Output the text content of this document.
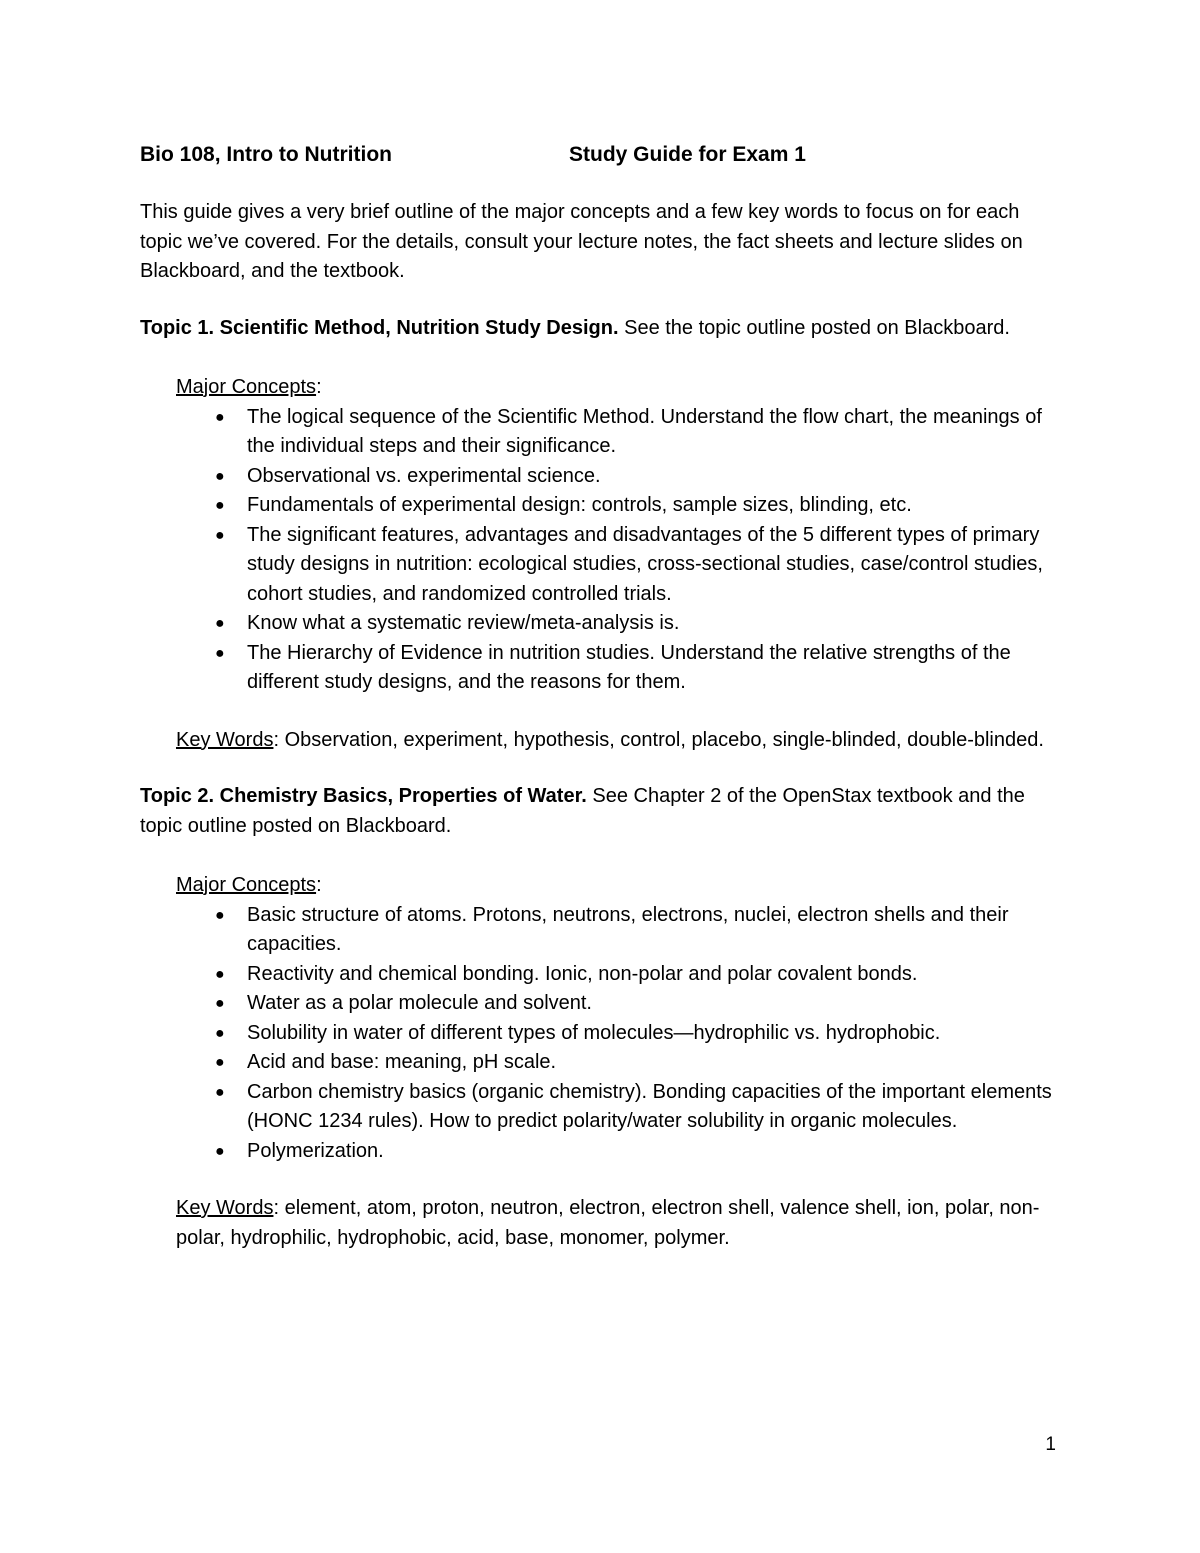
Bio 108, Intro to Nutrition	Study Guide for Exam 1

This guide gives a very brief outline of the major concepts and a few key words to focus on for each topic we’ve covered. For the details, consult your lecture notes, the fact sheets and lecture slides on Blackboard, and the textbook.

Topic 1. Scientific Method, Nutrition Study Design. See the topic outline posted on Blackboard.

Major Concepts:

● The logical sequence of the Scientific Method. Understand the flow chart, the meanings of the individual steps and their significance.
● Observational vs. experimental science.
● Fundamentals of experimental design: controls, sample sizes, blinding, etc.
● The significant features, advantages and disadvantages of the 5 different types of primary study designs in nutrition: ecological studies, cross-sectional studies, case/control studies, cohort studies, and randomized controlled trials.
● Know what a systematic review/meta-analysis is.
● The Hierarchy of Evidence in nutrition studies. Understand the relative strengths of the different study designs, and the reasons for them.

Key Words: Observation, experiment, hypothesis, control, placebo, single-blinded, double-blinded.

Topic 2. Chemistry Basics, Properties of Water. See Chapter 2 of the OpenStax textbook and the topic outline posted on Blackboard.

Major Concepts:

● Basic structure of atoms. Protons, neutrons, electrons, nuclei, electron shells and their capacities.
● Reactivity and chemical bonding. Ionic, non-polar and polar covalent bonds.
● Water as a polar molecule and solvent.
● Solubility in water of different types of molecules—hydrophilic vs. hydrophobic.
● Acid and base: meaning, pH scale.
● Carbon chemistry basics (organic chemistry). Bonding capacities of the important elements (HONC 1234 rules). How to predict polarity/water solubility in organic molecules.
● Polymerization.

Key Words: element, atom, proton, neutron, electron, electron shell, valence shell, ion, polar, non-polar, hydrophilic, hydrophobic, acid, base, monomer, polymer.

1
